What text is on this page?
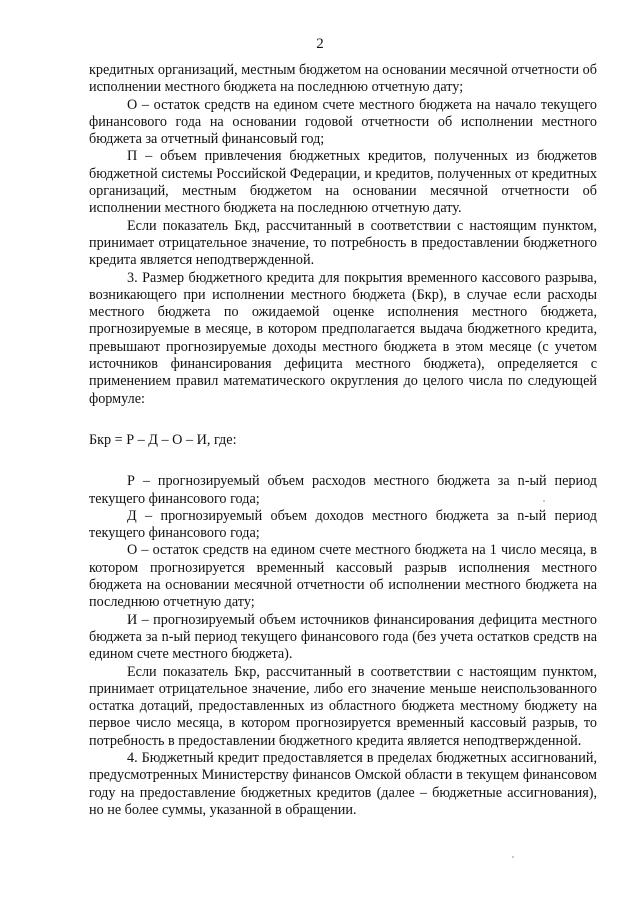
2

кредитных организаций, местным бюджетом на основании месячной отчетности об исполнении местного бюджета на последнюю отчетную дату;

О – остаток средств на едином счете местного бюджета на начало текущего финансового года на основании годовой отчетности об исполнении местного бюджета за отчетный финансовый год;

П – объем привлечения бюджетных кредитов, полученных из бюджетов бюджетной системы Российской Федерации, и кредитов, полученных от кредитных организаций, местным бюджетом на основании месячной отчетности об исполнении местного бюджета на последнюю отчетную дату.

Если показатель Бкд, рассчитанный в соответствии с настоящим пунктом, принимает отрицательное значение, то потребность в предоставлении бюджетного кредита является неподтвержденной.

3. Размер бюджетного кредита для покрытия временного кассового разрыва, возникающего при исполнении местного бюджета (Бкр), в случае если расходы местного бюджета по ожидаемой оценке исполнения местного бюджета, прогнозируемые в месяце, в котором предполагается выдача бюджетного кредита, превышают прогнозируемые доходы местного бюджета в этом месяце (с учетом источников финансирования дефицита местного бюджета), определяется с применением правил математического округления до целого числа по следующей формуле:

Бкр = Р – Д – О – И, где:

Р – прогнозируемый объем расходов местного бюджета за n-ый период текущего финансового года;

Д – прогнозируемый объем доходов местного бюджета за n-ый период текущего финансового года;

О – остаток средств на едином счете местного бюджета на 1 число месяца, в котором прогнозируется временный кассовый разрыв исполнения местного бюджета на основании месячной отчетности об исполнении местного бюджета на последнюю отчетную дату;

И – прогнозируемый объем источников финансирования дефицита местного бюджета за n-ый период текущего финансового года (без учета остатков средств на едином счете местного бюджета).

Если показатель Бкр, рассчитанный в соответствии с настоящим пунктом, принимает отрицательное значение, либо его значение меньше неиспользованного остатка дотаций, предоставленных из областного бюджета местному бюджету на первое число месяца, в котором прогнозируется временный кассовый разрыв, то потребность в предоставлении бюджетного кредита является неподтвержденной.

4. Бюджетный кредит предоставляется в пределах бюджетных ассигнований, предусмотренных Министерству финансов Омской области в текущем финансовом году на предоставление бюджетных кредитов (далее – бюджетные ассигнования), но не более суммы, указанной в обращении.
